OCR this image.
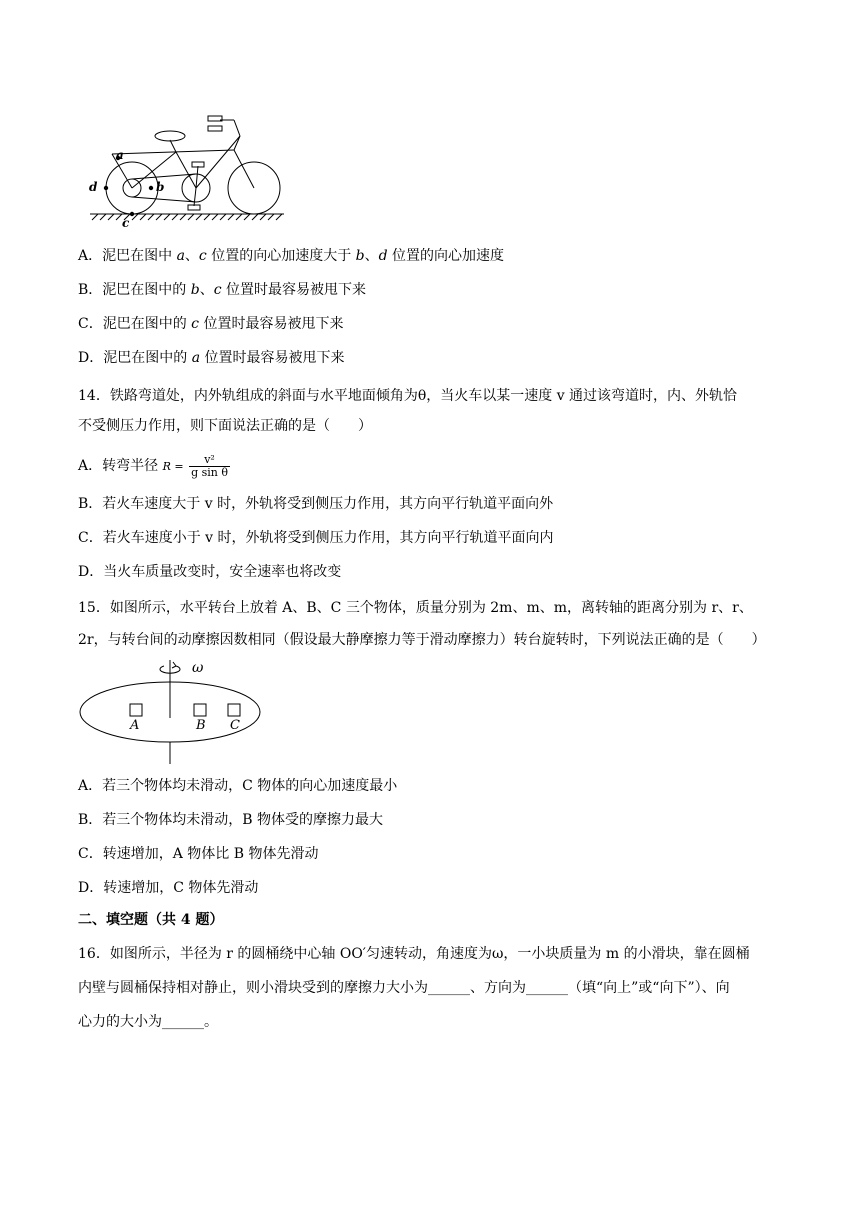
a
d	b
c
A．泥巴在图中 a、c 位置的向心加速度大于 b、d 位置的向心加速度
B．泥巴在图中的 b、c 位置时最容易被甩下来
C．泥巴在图中的 c 位置时最容易被甩下来
D．泥巴在图中的 a 位置时最容易被甩下来
14．铁路弯道处，内外轨组成的斜面与水平地面倾角为θ，当火车以某一速度 v 通过该弯道时，内、外轨恰
不受侧压力作用，则下面说法正确的是（　　）
A．转弯半径 $R = \frac{\text{v²}}{\text{g sin θ}}$
B．若火车速度大于 v 时，外轨将受到侧压力作用，其方向平行轨道平面向外
C．若火车速度小于 v 时，外轨将受到侧压力作用，其方向平行轨道平面向内
D．当火车质量改变时，安全速率也将改变
15．如图所示，水平转台上放着 A、B、C 三个物体，质量分别为 2m、m、m，离转轴的距离分别为 r、r、
2r，与转台间的动摩擦因数相同（假设最大静摩擦力等于滑动摩擦力）转台旋转时，下列说法正确的是（　　）
ω
A	B C
A．若三个物体均未滑动，C 物体的向心加速度最小
B．若三个物体均未滑动，B 物体受的摩擦力最大
C．转速增加，A 物体比 B 物体先滑动
D．转速增加，C 物体先滑动
二、填空题（共 4 题）
16．如图所示，半径为 r 的圆桶绕中心轴 OO′匀速转动，角速度为ω，一小块质量为 m 的小滑块，靠在圆桶
内壁与圆桶保持相对静止，则小滑块受到的摩擦力大小为______、方向为______（填“向上”或“向下”）、向
心力的大小为______。
